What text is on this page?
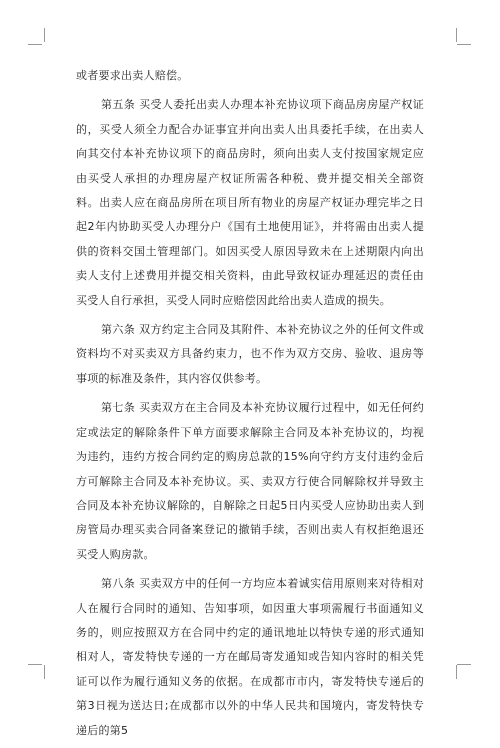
或者要求出卖人赔偿。

第五条 买受人委托出卖人办理本补充协议项下商品房房屋产权证的，买受人须全力配合办证事宜并向出卖人出具委托手续，在出卖人向其交付本补充协议项下的商品房时，须向出卖人支付按国家规定应由买受人承担的办理房屋产权证所需各种税、费并提交相关全部资料。出卖人应在商品房所在项目所有物业的房屋产权证办理完毕之日起2年内协助买受人办理分户《国有土地使用证》，并将需由出卖人提供的资料交国土管理部门。如因买受人原因导致未在上述期限内向出卖人支付上述费用并提交相关资料，由此导致权证办理延迟的责任由买受人自行承担，买受人同时应赔偿因此给出卖人造成的损失。

第六条 双方约定主合同及其附件、本补充协议之外的任何文件或资料均不对买卖双方具备约束力，也不作为双方交房、验收、退房等事项的标准及条件，其内容仅供参考。

第七条 买卖双方在主合同及本补充协议履行过程中，如无任何约定或法定的解除条件下单方面要求解除主合同及本补充协议的，均视为违约，违约方按合同约定的购房总款的15%向守约方支付违约金后方可解除主合同及本补充协议。买、卖双方行使合同解除权并导致主合同及本补充协议解除的，自解除之日起5日内买受人应协助出卖人到房管局办理买卖合同备案登记的撤销手续，否则出卖人有权拒绝退还买受人购房款。

第八条 买卖双方中的任何一方均应本着诚实信用原则来对待相对人在履行合同时的通知、告知事项，如因重大事项需履行书面通知义务的，则应按照双方在合同中约定的通讯地址以特快专递的形式通知相对人，寄发特快专递的一方在邮局寄发通知或告知内容时的相关凭证可以作为履行通知义务的依据。在成都市市内，寄发特快专递后的第3日视为送达日;在成都市以外的中华人民共和国境内，寄发特快专递后的第5
